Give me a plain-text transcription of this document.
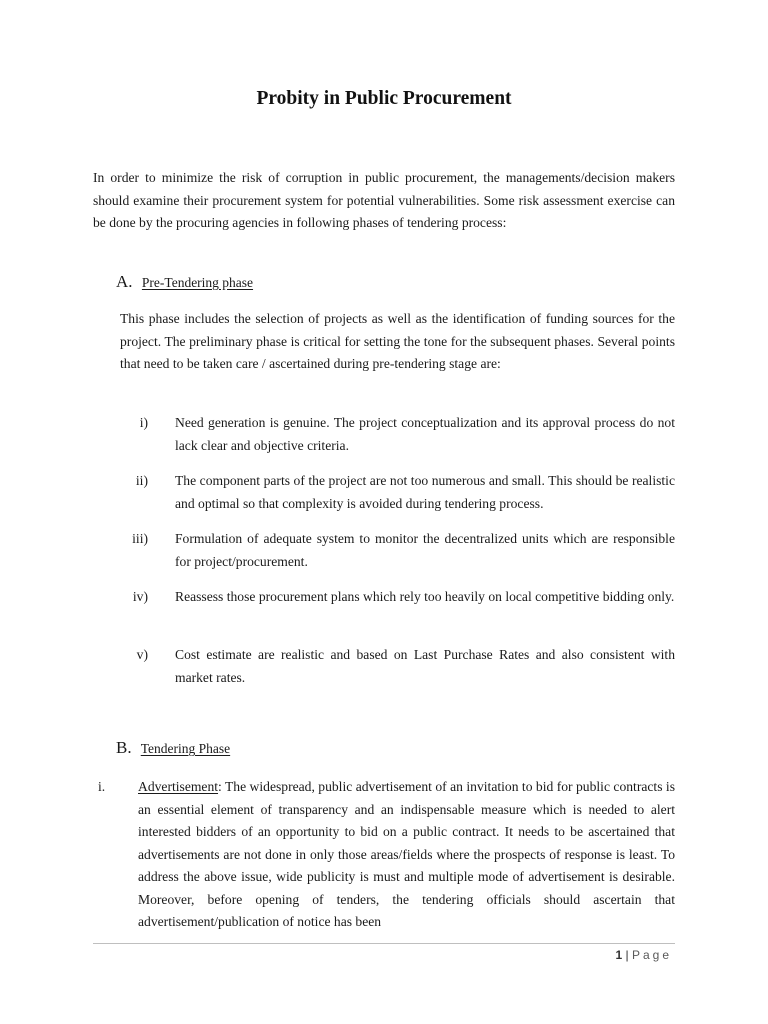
Probity in Public Procurement

In order to minimize the risk of corruption in public procurement, the managements/decision makers should examine their procurement system for potential vulnerabilities. Some risk assessment exercise can be done by the procuring agencies in following phases of tendering process:

A. Pre-Tendering phase

This phase includes the selection of projects as well as the identification of funding sources for the project. The preliminary phase is critical for setting the tone for the subsequent phases. Several points that need to be taken care / ascertained during pre-tendering stage are:

i) Need generation is genuine. The project conceptualization and its approval process do not lack clear and objective criteria.

ii) The component parts of the project are not too numerous and small. This should be realistic and optimal so that complexity is avoided during tendering process.

iii) Formulation of adequate system to monitor the decentralized units which are responsible for project/procurement.

iv) Reassess those procurement plans which rely too heavily on local competitive bidding only.

v) Cost estimate are realistic and based on Last Purchase Rates and also consistent with market rates.

B. Tendering Phase
i.	Advertisement: The widespread, public advertisement of an invitation to bid for public contracts is an essential element of transparency and an indispensable measure which is needed to alert interested bidders of an opportunity to bid on a public contract. It needs to be ascertained that advertisements are not done in only those areas/fields where the prospects of response is least. To address the above issue, wide publicity is must and multiple mode of advertisement is desirable. Moreover, before opening of tenders, the tendering officials should ascertain that advertisement/publication of notice has been

1 | Page
